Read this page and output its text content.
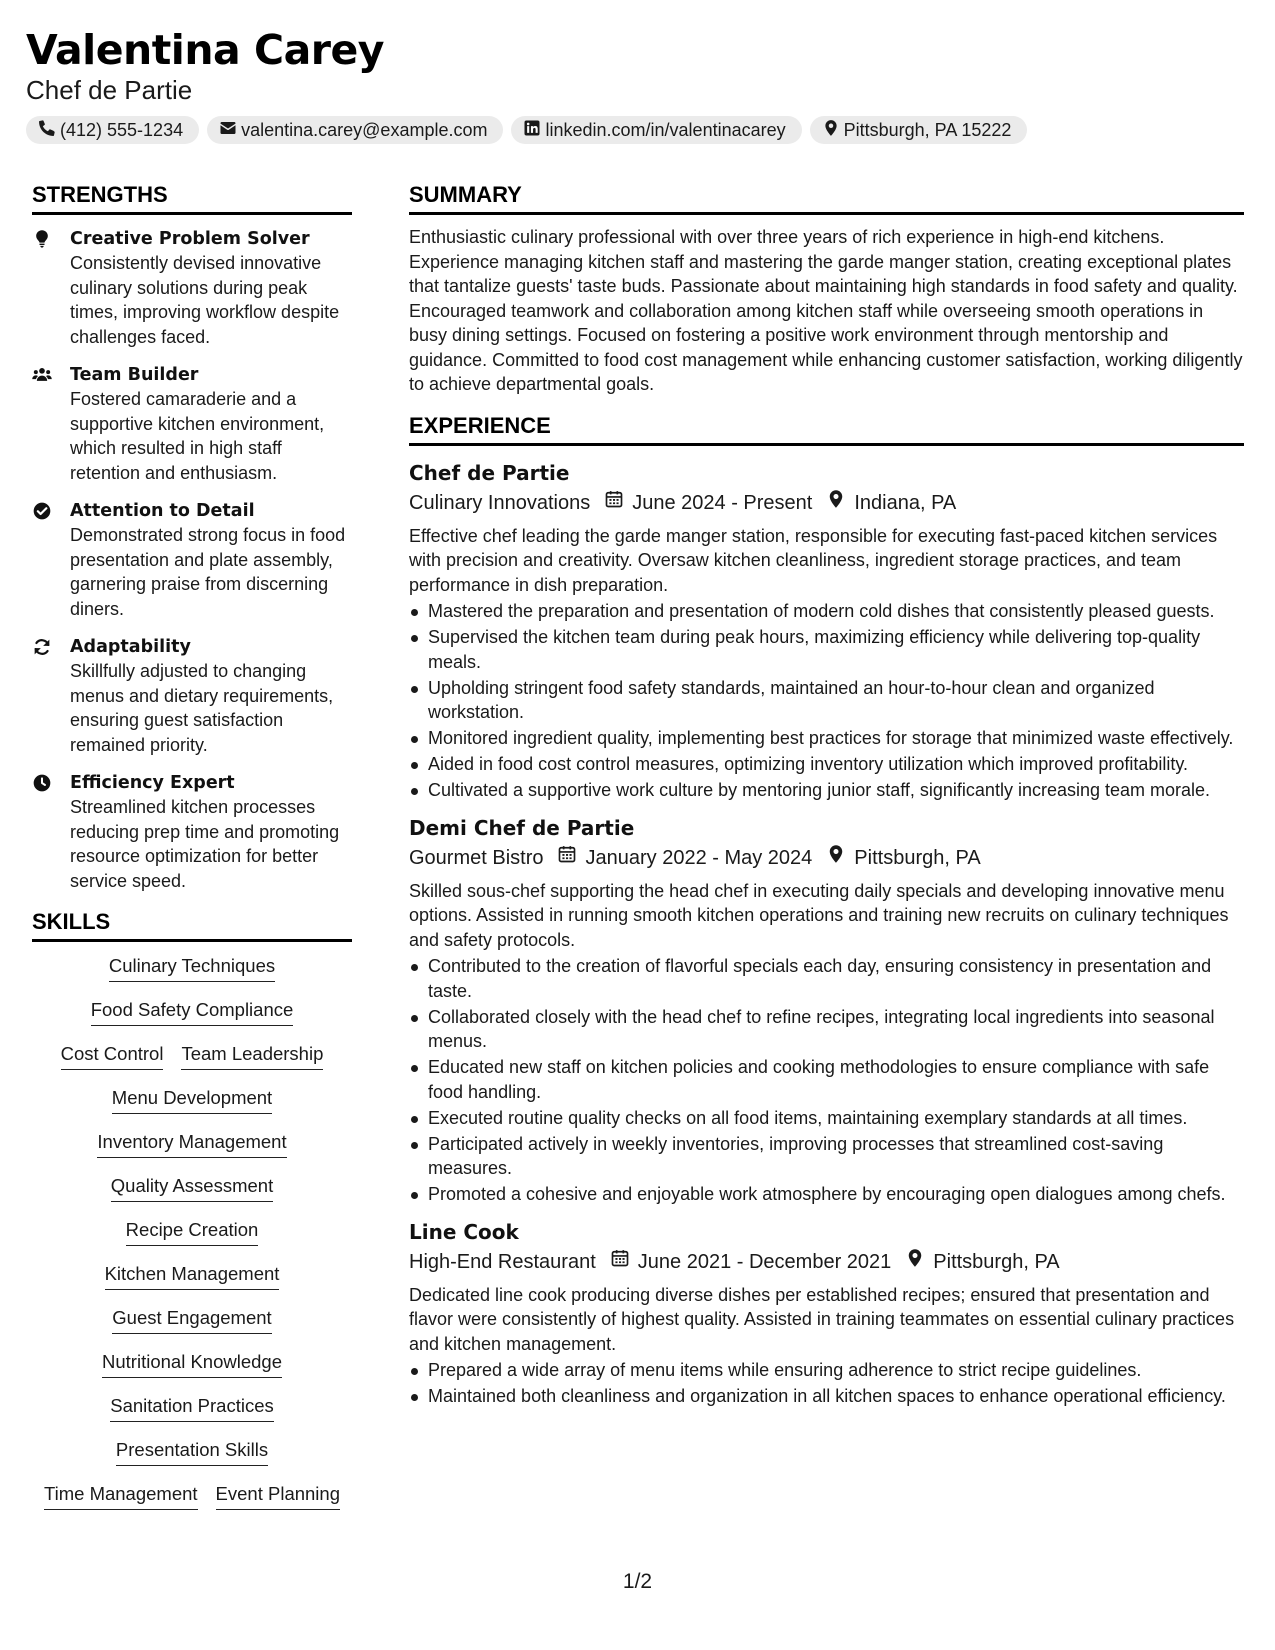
Valentina Carey
Chef de Partie
(412) 555-1234	valentina.carey@example.com	linkedin.com/in/valentinacarey	Pittsburgh, PA 15222
STRENGTHS
Creative Problem Solver
Consistently devised innovative culinary solutions during peak times, improving workflow despite challenges faced.
Team Builder
Fostered camaraderie and a supportive kitchen environment, which resulted in high staff retention and enthusiasm.
Attention to Detail
Demonstrated strong focus in food presentation and plate assembly, garnering praise from discerning diners.
Adaptability
Skillfully adjusted to changing menus and dietary requirements, ensuring guest satisfaction remained priority.
Efficiency Expert
Streamlined kitchen processes reducing prep time and promoting resource optimization for better service speed.
SKILLS
Culinary Techniques
Food Safety Compliance
Cost Control Team Leadership
Menu Development
Inventory Management
Quality Assessment
Recipe Creation
Kitchen Management
Guest Engagement
Nutritional Knowledge
Sanitation Practices
Presentation Skills
Time Management Event Planning
SUMMARY
Enthusiastic culinary professional with over three years of rich experience in high-end kitchens. Experience managing kitchen staff and mastering the garde manger station, creating exceptional plates that tantalize guests' taste buds. Passionate about maintaining high standards in food safety and quality. Encouraged teamwork and collaboration among kitchen staff while overseeing smooth operations in busy dining settings. Focused on fostering a positive work environment through mentorship and guidance. Committed to food cost management while enhancing customer satisfaction, working diligently to achieve departmental goals.
EXPERIENCE
Chef de Partie
Culinary Innovations June 2024 - Present Indiana, PA
Effective chef leading the garde manger station, responsible for executing fast-paced kitchen services with precision and creativity. Oversaw kitchen cleanliness, ingredient storage practices, and team performance in dish preparation.
Mastered the preparation and presentation of modern cold dishes that consistently pleased guests.
Supervised the kitchen team during peak hours, maximizing efficiency while delivering top-quality meals.
Upholding stringent food safety standards, maintained an hour-to-hour clean and organized workstation.
Monitored ingredient quality, implementing best practices for storage that minimized waste effectively.
Aided in food cost control measures, optimizing inventory utilization which improved profitability.
Cultivated a supportive work culture by mentoring junior staff, significantly increasing team morale.
Demi Chef de Partie
Gourmet Bistro January 2022 - May 2024 Pittsburgh, PA
Skilled sous-chef supporting the head chef in executing daily specials and developing innovative menu options. Assisted in running smooth kitchen operations and training new recruits on culinary techniques and safety protocols.
Contributed to the creation of flavorful specials each day, ensuring consistency in presentation and taste.
Collaborated closely with the head chef to refine recipes, integrating local ingredients into seasonal menus.
Educated new staff on kitchen policies and cooking methodologies to ensure compliance with safe food handling.
Executed routine quality checks on all food items, maintaining exemplary standards at all times.
Participated actively in weekly inventories, improving processes that streamlined cost-saving measures.
Promoted a cohesive and enjoyable work atmosphere by encouraging open dialogues among chefs.
Line Cook
High-End Restaurant June 2021 - December 2021 Pittsburgh, PA
Dedicated line cook producing diverse dishes per established recipes; ensured that presentation and flavor were consistently of highest quality. Assisted in training teammates on essential culinary practices and kitchen management.
Prepared a wide array of menu items while ensuring adherence to strict recipe guidelines.
Maintained both cleanliness and organization in all kitchen spaces to enhance operational efficiency.
1/2
